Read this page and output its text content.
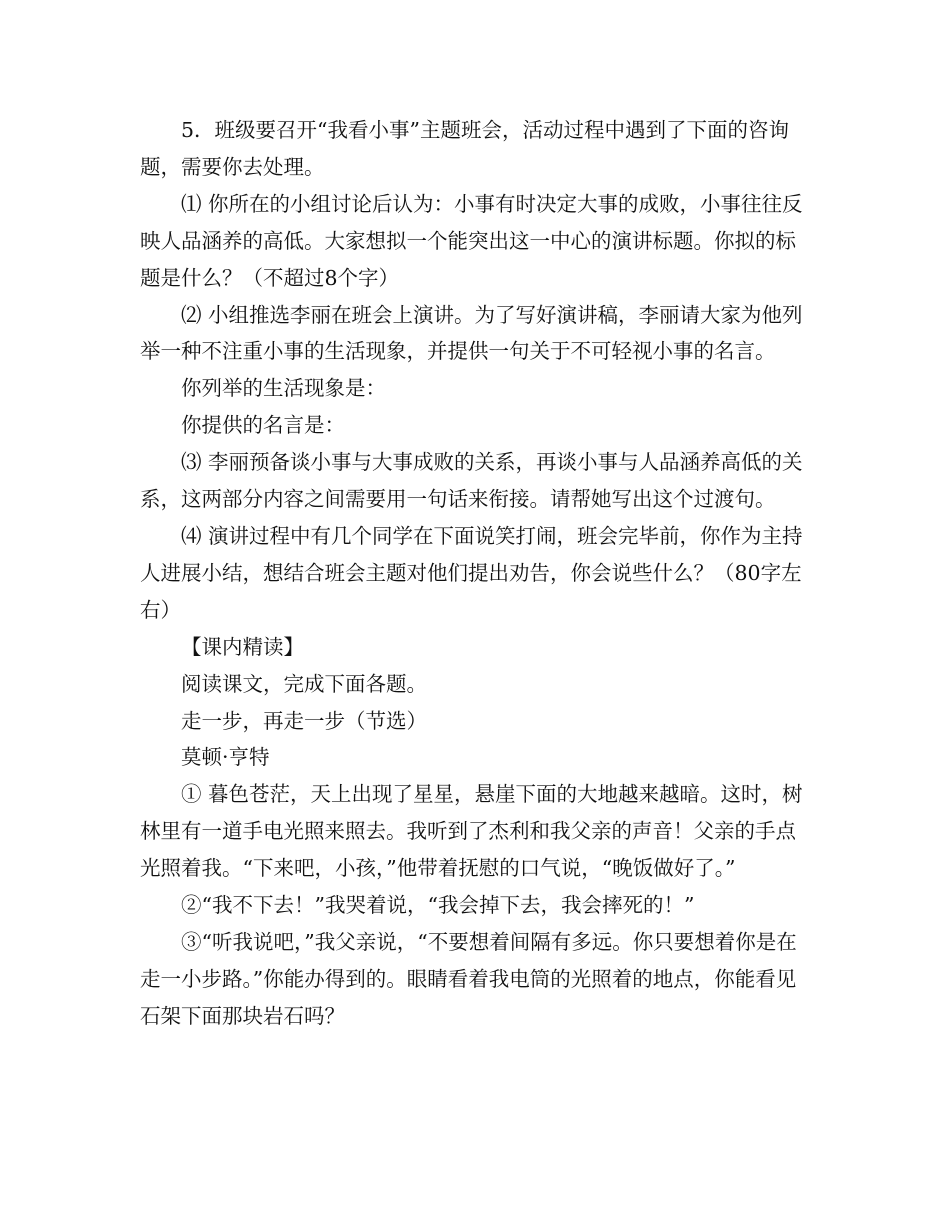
5．班级要召开“我看小事”主题班会，活动过程中遇到了下面的咨询题，需要你去处理。

⑴ 你所在的小组讨论后认为：小事有时决定大事的成败，小事往往反映人品涵养的高低。大家想拟一个能突出这一中心的演讲标题。你拟的标题是什么？（不超过8个字）

⑵ 小组推选李丽在班会上演讲。为了写好演讲稿，李丽请大家为他列举一种不注重小事的生活现象，并提供一句关于不可轻视小事的名言。

你列举的生活现象是：

你提供的名言是：

⑶ 李丽预备谈小事与大事成败的关系，再谈小事与人品涵养高低的关系，这两部分内容之间需要用一句话来衔接。请帮她写出这个过渡句。

⑷ 演讲过程中有几个同学在下面说笑打闹，班会完毕前，你作为主持人进展小结，想结合班会主题对他们提出劝告，你会说些什么？（80字左右）

【课内精读】

阅读课文，完成下面各题。

走一步，再走一步（节选）

莫顿·亨特

① 暮色苍茫，天上出现了星星，悬崖下面的大地越来越暗。这时，树林里有一道手电光照来照去。我听到了杰利和我父亲的声音！父亲的手点光照着我。“下来吧，小孩，”他带着抚慰的口气说，“晚饭做好了。”

②“我不下去！”我哭着说，“我会掉下去，我会摔死的！”

③“听我说吧，”我父亲说，“不要想着间隔有多远。你只要想着你是在走一小步路。”你能办得到的。眼睛看着我电筒的光照着的地点，你能看见石架下面那块岩石吗？
